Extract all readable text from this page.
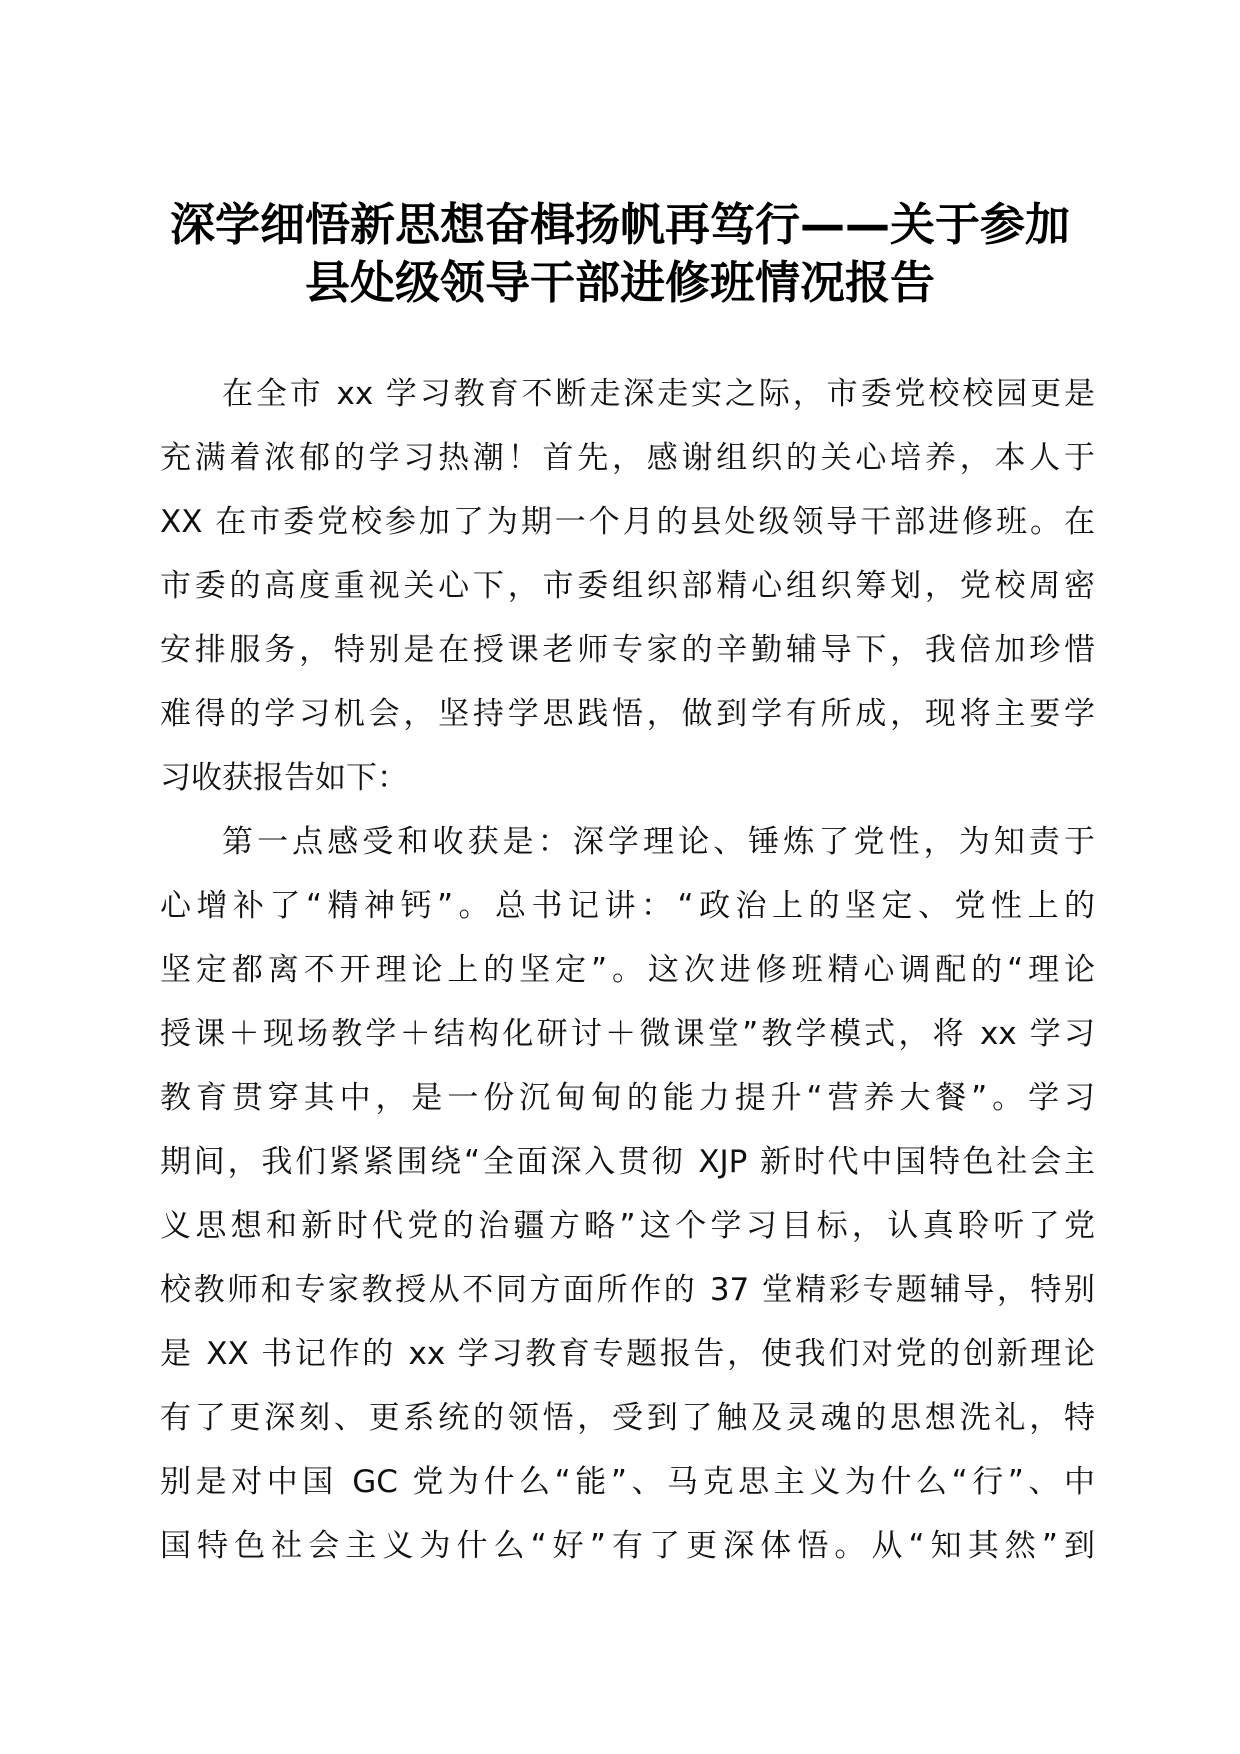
深学细悟新思想奋楫扬帆再笃行——关于参加
县处级领导干部进修班情况报告
在全市 xx 学习教育不断走深走实之际，市委党校校园更是
充满着浓郁的学习热潮！首先，感谢组织的关心培养，本人于
XX 在市委党校参加了为期一个月的县处级领导干部进修班。在
市委的高度重视关心下，市委组织部精心组织筹划，党校周密
安排服务，特别是在授课老师专家的辛勤辅导下，我倍加珍惜
难得的学习机会，坚持学思践悟，做到学有所成，现将主要学
习收获报告如下：
第一点感受和收获是：深学理论、锤炼了党性，为知责于
心增补了“精神钙”。总书记讲：“政治上的坚定、党性上的
坚定都离不开理论上的坚定”。这次进修班精心调配的“理论
授课＋现场教学＋结构化研讨＋微课堂”教学模式，将 xx 学习
教育贯穿其中，是一份沉甸甸的能力提升“营养大餐”。学习
期间，我们紧紧围绕“全面深入贯彻 XJP 新时代中国特色社会主
义思想和新时代党的治疆方略”这个学习目标，认真聆听了党
校教师和专家教授从不同方面所作的 37 堂精彩专题辅导，特别
是 XX 书记作的 xx 学习教育专题报告，使我们对党的创新理论
有了更深刻、更系统的领悟，受到了触及灵魂的思想洗礼，特
别是对中国 GC 党为什么“能”、马克思主义为什么“行”、中
国特色社会主义为什么“好”有了更深体悟。从“知其然”到
